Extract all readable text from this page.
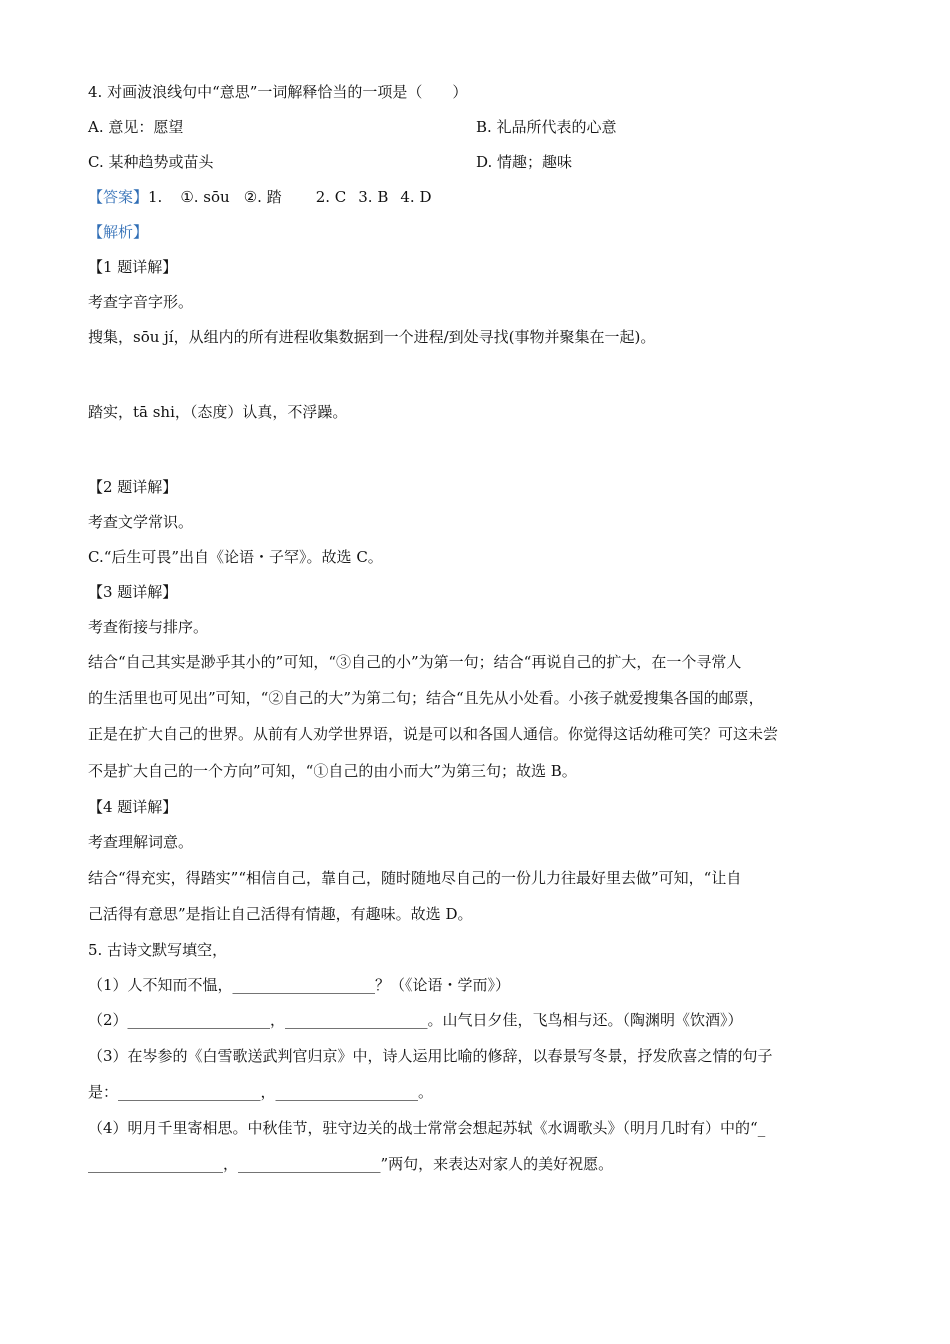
4. 对画波浪线句中“意思”一词解释恰当的一项是（　　）
A. 意见：愿望	B. 礼品所代表的心意
C. 某种趋势或苗头	D. 情趣；趣味
【答案】1. ①. sōu ②. 踏 2. C 3. B 4. D
【解析】
【1 题详解】
考查字音字形。
搜集，sōu jí，从组内的所有进程收集数据到一个进程/到处寻找(事物并聚集在一起)。
踏实，tā shi，（态度）认真，不浮躁。
【2 题详解】
考查文学常识。
C.“后生可畏”出自《论语・子罕》。故选 C。
【3 题详解】
考查衔接与排序。
结合“自己其实是渺乎其小的”可知，“③自己的小”为第一句；结合“再说自己的扩大，在一个寻常人
的生活里也可见出”可知，“②自己的大”为第二句；结合“且先从小处看。小孩子就爱搜集各国的邮票，
正是在扩大自己的世界。从前有人劝学世界语，说是可以和各国人通信。你觉得这话幼稚可笑？可这未尝
不是扩大自己的一个方向”可知，“①自己的由小而大”为第三句；故选 B。
【4 题详解】
考查理解词意。
结合“得充实，得踏实”“相信自己，靠自己，随时随地尽自己的一份儿力往最好里去做”可知，“让自
己活得有意思”是指让自己活得有情趣，有趣味。故选 D。
5. 古诗文默写填空，
（1）人不知而不愠，___________________？（《论语・学而》）
（2）___________________，___________________。山气日夕佳，飞鸟相与还。（陶渊明《饮酒》）
（3）在岑参的《白雪歌送武判官归京》中，诗人运用比喻的修辞，以春景写冬景，抒发欣喜之情的句子
是：___________________，___________________。
（4）明月千里寄相思。中秋佳节，驻守边关的战士常常会想起苏轼《水调歌头》（明月几时有）中的“_
__________________，___________________”两句，来表达对家人的美好祝愿。
